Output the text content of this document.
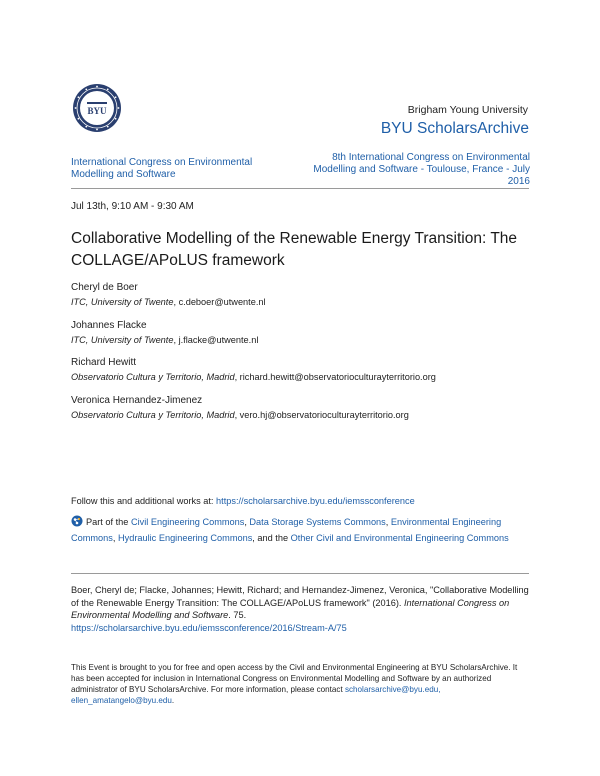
BYU	Brigham Young University
BYU ScholarsArchive
International Congress on Environmental Modelling and Software
8th International Congress on Environmental Modelling and Software - Toulouse, France - July 2016
Jul 13th, 9:10 AM - 9:30 AM
Collaborative Modelling of the Renewable Energy Transition: The COLLAGE/APoLUS framework
Cheryl de Boer
ITC, University of Twente, c.deboer@utwente.nl
Johannes Flacke
ITC, University of Twente, j.flacke@utwente.nl
Richard Hewitt
Observatorio Cultura y Territorio, Madrid, richard.hewitt@observatorioculturayterritorio.org
Veronica Hernandez-Jimenez
Observatorio Cultura y Territorio, Madrid, vero.hj@observatorioculturayterritorio.org
Follow this and additional works at: https://scholarsarchive.byu.edu/iemssconference
Part of the Civil Engineering Commons, Data Storage Systems Commons, Environmental Engineering Commons, Hydraulic Engineering Commons, and the Other Civil and Environmental Engineering Commons
Boer, Cheryl de; Flacke, Johannes; Hewitt, Richard; and Hernandez-Jimenez, Veronica, "Collaborative Modelling of the Renewable Energy Transition: The COLLAGE/APoLUS framework" (2016). International Congress on Environmental Modelling and Software. 75.
https://scholarsarchive.byu.edu/iemssconference/2016/Stream-A/75
This Event is brought to you for free and open access by the Civil and Environmental Engineering at BYU ScholarsArchive. It has been accepted for inclusion in International Congress on Environmental Modelling and Software by an authorized administrator of BYU ScholarsArchive. For more information, please contact scholarsarchive@byu.edu, ellen_amatangelo@byu.edu.
